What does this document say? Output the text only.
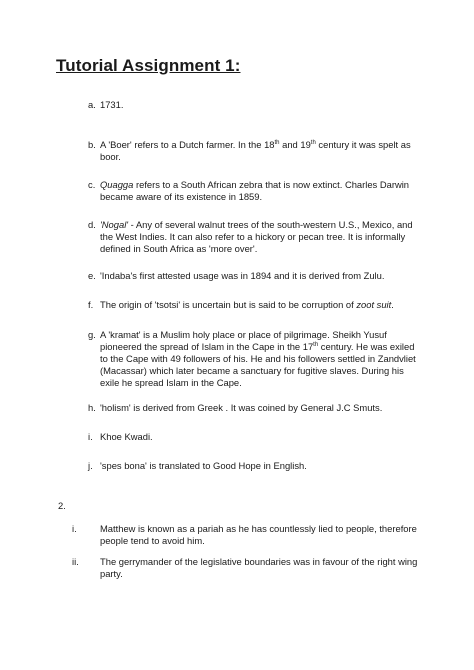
Tutorial Assignment 1:
a. 1731.
b. A 'Boer' refers to a Dutch farmer. In the 18th and 19th century it was spelt as boor.
c. Quagga refers to a South African zebra that is now extinct. Charles Darwin became aware of its existence in 1859.
d. 'Nogal' - Any of several walnut trees of the south-western U.S., Mexico, and the West Indies. It can also refer to a hickory or pecan tree. It is informally defined in South Africa as 'more over'.
e. 'Indaba's first attested usage was in 1894 and it is derived from Zulu.
f. The origin of 'tsotsi' is uncertain but is said to be corruption of zoot suit.
g. A 'kramat' is a Muslim holy place or place of pilgrimage. Sheikh Yusuf pioneered the spread of Islam in the Cape in the 17th century. He was exiled to the Cape with 49 followers of his. He and his followers settled in Zandvliet (Macassar) which later became a sanctuary for fugitive slaves. During his exile he spread Islam in the Cape.
h. 'holism' is derived from Greek . It was coined by General J.C Smuts.
i. Khoe Kwadi.
j. 'spes bona' is translated to Good Hope in English.
2.
i. Matthew is known as a pariah as he has countlessly lied to people, therefore people tend to avoid him.
ii. The gerrymander of the legislative boundaries was in favour of the right wing party.
